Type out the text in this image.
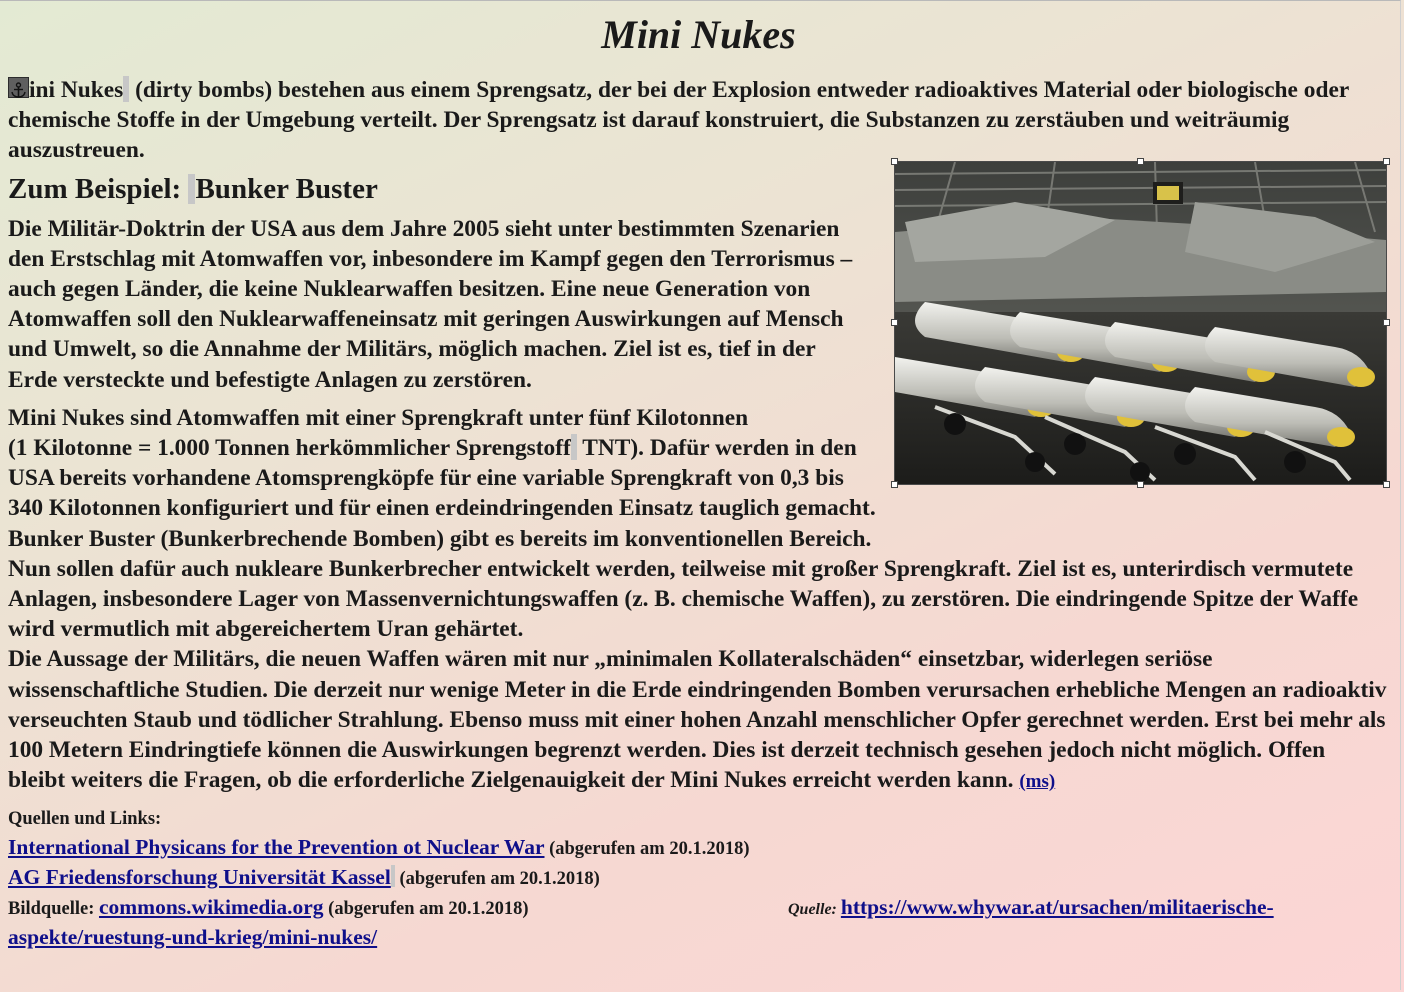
Mini Nukes

ini Nukes (dirty bombs) bestehen aus einem Sprengsatz, der bei der Explosion entweder radioaktives Material oder biologische oder chemische Stoffe in der Umgebung verteilt. Der Sprengsatz ist darauf konstruiert, die Substanzen zu zerstäuben und weiträumig auszustreuen.

Zum Beispiel: Bunker Buster

Die Militär-Doktrin der USA aus dem Jahre 2005 sieht unter bestimmten Szenarien den Erstschlag mit Atomwaffen vor, inbesondere im Kampf gegen den Terrorismus – auch gegen Länder, die keine Nuklearwaffen besitzen. Eine neue Generation von Atomwaffen soll den Nuklearwaffeneinsatz mit geringen Auswirkungen auf Mensch und Umwelt, so die Annahme der Militärs, möglich machen. Ziel ist es, tief in der Erde versteckte und befestigte Anlagen zu zerstören.

Mini Nukes sind Atomwaffen mit einer Sprengkraft unter fünf Kilotonnen
(1 Kilotonne = 1.000 Tonnen herkömmlicher Sprengstoff TNT). Dafür werden in den USA bereits vorhandene Atomsprengköpfe für eine variable Sprengkraft von 0,3 bis 340 Kilotonnen konfiguriert und für einen erdeindringenden Einsatz tauglich gemacht.
Bunker Buster (Bunkerbrechende Bomben) gibt es bereits im konventionellen Bereich.
Nun sollen dafür auch nukleare Bunkerbrecher entwickelt werden, teilweise mit großer Sprengkraft. Ziel ist es, unterirdisch vermutete Anlagen, insbesondere Lager von Massenvernichtungswaffen (z. B. chemische Waffen), zu zerstören. Die eindringende Spitze der Waffe wird vermutlich mit abgereichertem Uran gehärtet.
Die Aussage der Militärs, die neuen Waffen wären mit nur „minimalen Kollateralschäden“ einsetzbar, widerlegen seriöse wissenschaftliche Studien. Die derzeit nur wenige Meter in die Erde eindringenden Bomben verursachen erhebliche Mengen an radioaktiv verseuchten Staub und tödlicher Strahlung. Ebenso muss mit einer hohen Anzahl menschlicher Opfer gerechnet werden. Erst bei mehr als 100 Metern Eindringtiefe können die Auswirkungen begrenzt werden. Dies ist derzeit technisch gesehen jedoch nicht möglich. Offen bleibt weiters die Fragen, ob die erforderliche Zielgenauigkeit der Mini Nukes erreicht werden kann. (ms)

Quellen und Links:
International Physicans for the Prevention ot Nuclear War (abgerufen am 20.1.2018)
AG Friedensforschung Universität Kassel (abgerufen am 20.1.2018)
Bildquelle: commons.wikimedia.org (abgerufen am 20.1.2018)	Quelle: https://www.whywar.at/ursachen/militaerische-
aspekte/ruestung-und-krieg/mini-nukes/
